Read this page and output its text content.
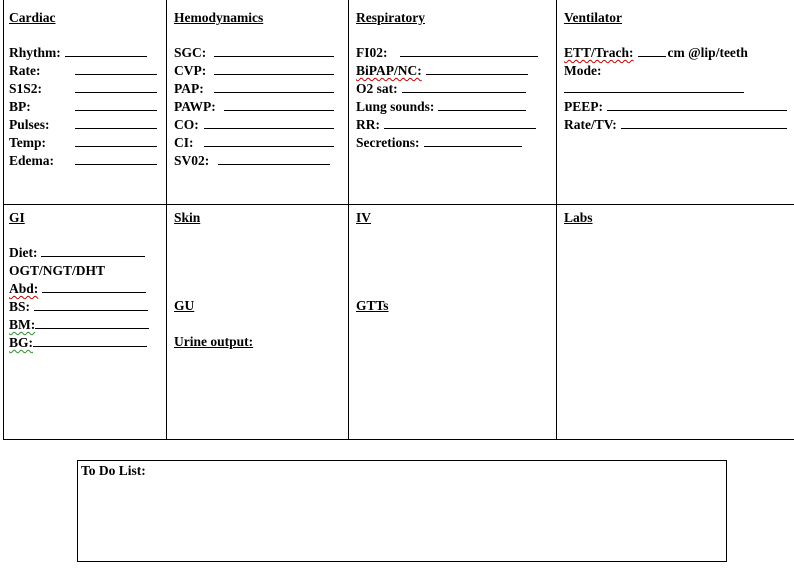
Cardiac
Rhythm:
Rate:
S1S2:
BP:
Pulses:
Temp:
Edema:
Hemodynamics
SGC:
CVP:
PAP:
PAWP:
CO:
CI:
SV02:
Respiratory
FI02:
BiPAP/NC:
O2 sat:
Lung sounds:
RR:
Secretions:
Ventilator
ETT/Trach:	cm @lip/teeth
Mode:
PEEP:
Rate/TV:
GI
Diet:
OGT/NGT/DHT
Abd:
BS:
BM:
BG:
Skin
GU
Urine output:
IV
GTTs
Labs
To Do List:
